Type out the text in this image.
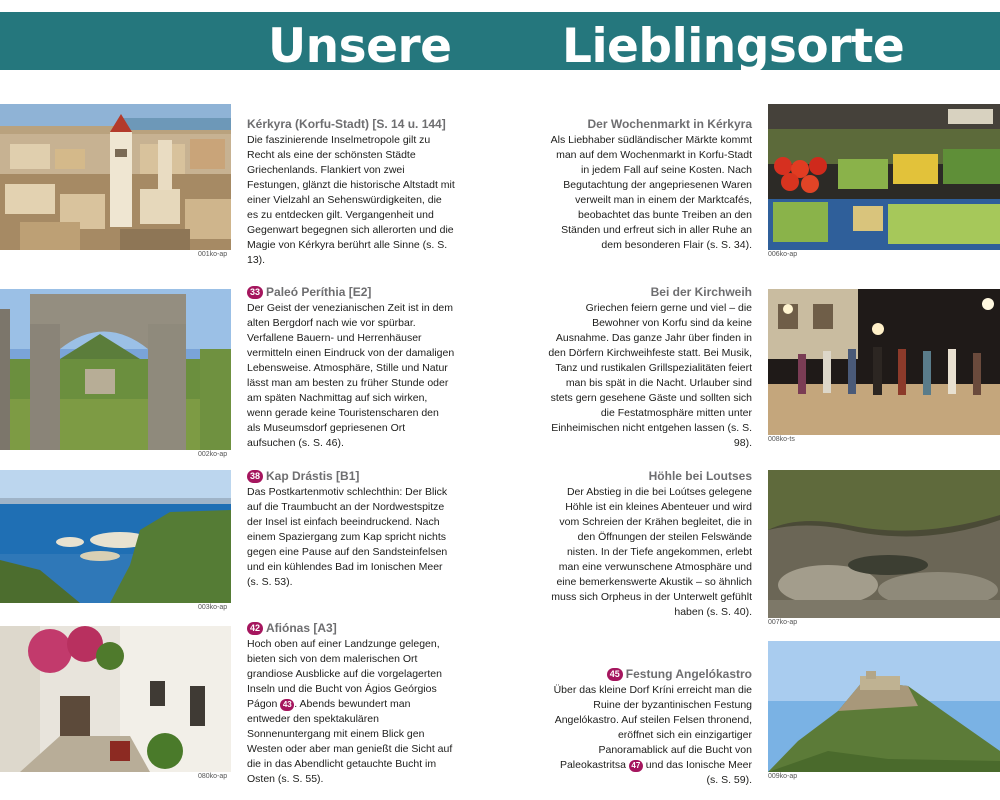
Unsere Lieblingsorte
001ko-ap
Kérkyra (Korfu-Stadt) [S. 14 u. 144]
Die faszinierende Inselmetropole gilt zu Recht als eine der schönsten Städte Griechenlands. Flankiert von zwei Festungen, glänzt die historische Altstadt mit einer Vielzahl an Sehenswürdigkeiten, die es zu entdecken gilt. Vergangenheit und Gegenwart begegnen sich allerorten und die Magie von Kérkyra berührt alle Sinne (s. S. 13).
002ko-ap
33 Paleó Períthia [E2]
Der Geist der venezianischen Zeit ist in dem alten Bergdorf nach wie vor spürbar. Verfallene Bauern- und Herrenhäuser vermitteln einen Eindruck von der damaligen Lebensweise. Atmosphäre, Stille und Natur lässt man am besten zu früher Stunde oder am späten Nachmittag auf sich wirken, wenn gerade keine Touristenscharen den als Museumsdorf gepriesenen Ort aufsuchen (s. S. 46).
003ko-ap
38 Kap Drástis [B1]
Das Postkartenmotiv schlechthin: Der Blick auf die Traumbucht an der Nordwestspitze der Insel ist einfach beeindruckend. Nach einem Spaziergang zum Kap spricht nichts gegen eine Pause auf den Sandsteinfelsen und ein kühlendes Bad im Ionischen Meer (s. S. 53).
080ko-ap
42 Afiónas [A3]
Hoch oben auf einer Landzunge gelegen, bieten sich von dem malerischen Ort grandiose Ausblicke auf die vorgelagerten Inseln und die Bucht von Ágios Geórgios Págon 43 . Abends bewundert man entweder den spektakulären Sonnenuntergang mit einem Blick gen Westen oder aber man genießt die Sicht auf die in das Abendlicht getauchte Bucht im Osten (s. S. 55).
Der Wochenmarkt in Kérkyra
Als Liebhaber südländischer Märkte kommt man auf dem Wochenmarkt in Korfu-Stadt in jedem Fall auf seine Kosten. Nach Begutachtung der angepriesenen Waren verweilt man in einem der Marktcafés, beobachtet das bunte Treiben an den Ständen und erfreut sich in aller Ruhe an dem besonderen Flair (s. S. 34).
006ko-ap
Bei der Kirchweih
Griechen feiern gerne und viel – die Bewohner von Korfu sind da keine Ausnahme. Das ganze Jahr über finden in den Dörfern Kirchweihfeste statt. Bei Musik, Tanz und rustikalen Grillspezialitäten feiert man bis spät in die Nacht. Urlauber sind stets gern gesehene Gäste und sollten sich die Festatmosphäre mitten unter Einheimischen nicht entgehen lassen (s. S. 98). 008ko-ts
Höhle bei Loutses
Der Abstieg in die bei Loútses gelegene Höhle ist ein kleines Abenteuer und wird vom Schreien der Krähen begleitet, die in den Öffnungen der steilen Felswände nisten. In der Tiefe angekommen, erlebt man eine verwunschene Atmosphäre und eine bemerkenswerte Akustik – so ähnlich muss sich Orpheus in der Unterwelt gefühlt haben (s. S. 40).
007ko-ap
45 Festung Angelókastro
Über das kleine Dorf Kríni erreicht man die Ruine der byzantinischen Festung Angelókastro. Auf steilen Felsen thronend, eröffnet sich ein einzigartiger Panoramablick auf die Bucht von Paleokastritsa 47 und das Ionische Meer (s. S. 59). 009ko-ap
